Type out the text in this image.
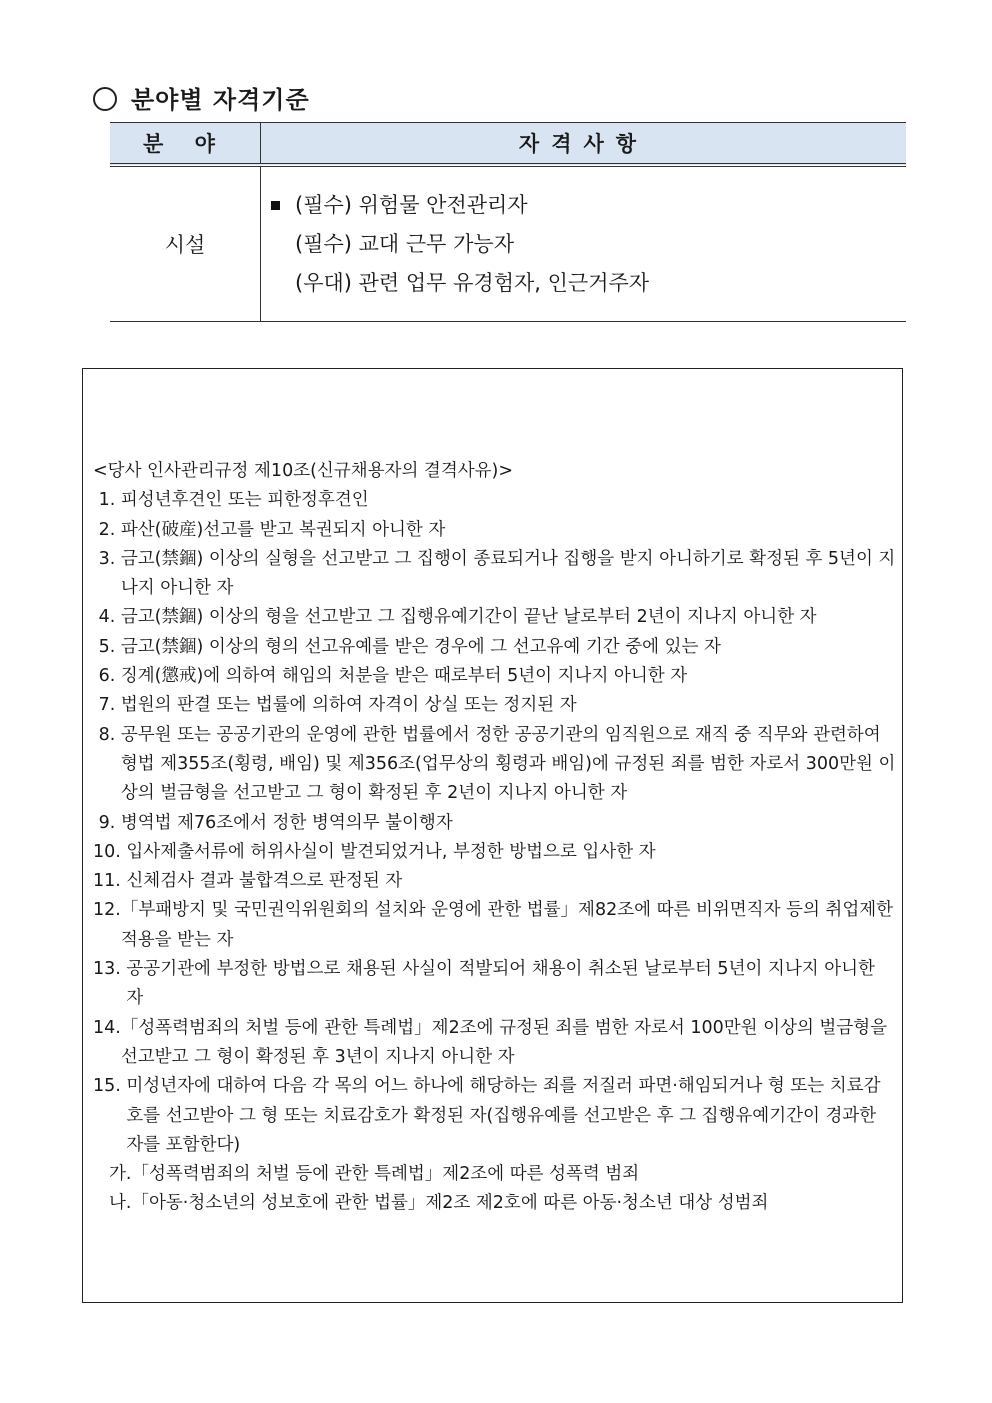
분야별 자격기준
분 야	자격사항
시설	(필수) 위험물 안전관리자
(필수) 교대 근무 가능자
(우대) 관련 업무 유경험자, 인근거주자
<당사 인사관리규정 제10조(신규채용자의 결격사유)>
1. 피성년후견인 또는 피한정후견인
2. 파산(破産)선고를 받고 복권되지 아니한 자
3. 금고(禁錮) 이상의 실형을 선고받고 그 집행이 종료되거나 집행을 받지 아니하기로 확정된 후 5년이 지나지 아니한 자
4. 금고(禁錮) 이상의 형을 선고받고 그 집행유예기간이 끝난 날로부터 2년이 지나지 아니한 자
5. 금고(禁錮) 이상의 형의 선고유예를 받은 경우에 그 선고유예 기간 중에 있는 자
6. 징계(懲戒)에 의하여 해임의 처분을 받은 때로부터 5년이 지나지 아니한 자
7. 법원의 판결 또는 법률에 의하여 자격이 상실 또는 정지된 자
8. 공무원 또는 공공기관의 운영에 관한 법률에서 정한 공공기관의 임직원으로 재직 중 직무와 관련하여 형법 제355조(횡령, 배임) 및 제356조(업무상의 횡령과 배임)에 규정된 죄를 범한 자로서 300만원 이상의 벌금형을 선고받고 그 형이 확정된 후 2년이 지나지 아니한 자
9. 병역법 제76조에서 정한 병역의무 불이행자
10. 입사제출서류에 허위사실이 발견되었거나, 부정한 방법으로 입사한 자
11. 신체검사 결과 불합격으로 판정된 자
12. 「부패방지 및 국민권익위원회의 설치와 운영에 관한 법률」제82조에 따른 비위면직자 등의 취업제한 적용을 받는 자
13. 공공기관에 부정한 방법으로 채용된 사실이 적발되어 채용이 취소된 날로부터 5년이 지나지 아니한 자
14. 「성폭력범죄의 처벌 등에 관한 특례법」제2조에 규정된 죄를 범한 자로서 100만원 이상의 벌금형을 선고받고 그 형이 확정된 후 3년이 지나지 아니한 자
15. 미성년자에 대하여 다음 각 목의 어느 하나에 해당하는 죄를 저질러 파면·해임되거나 형 또는 치료감호를 선고받아 그 형 또는 치료감호가 확정된 자(집행유예를 선고받은 후 그 집행유예기간이 경과한 자를 포함한다)
가.「성폭력범죄의 처벌 등에 관한 특례법」제2조에 따른 성폭력 범죄
나.「아동·청소년의 성보호에 관한 법률」제2조 제2호에 따른 아동·청소년 대상 성범죄
